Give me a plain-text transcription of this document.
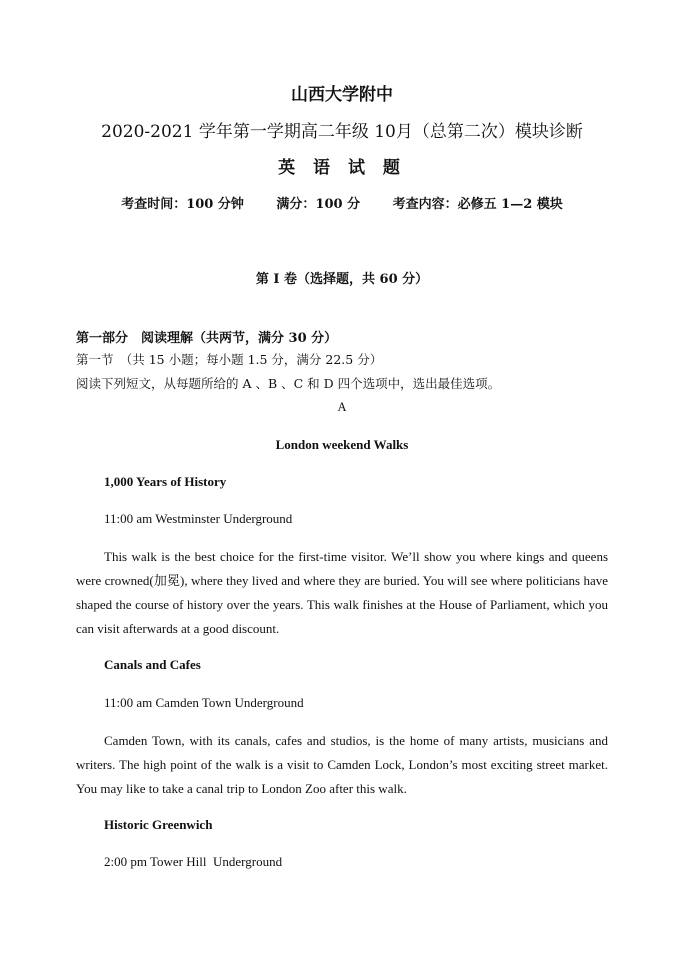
山西大学附中
2020-2021 学年第一学期高二年级 10月（总第二次）模块诊断
英 语 试 题
考查时间：100 分钟	满分：100 分	考查内容：必修五 1—2 模块
第 I 卷（选择题，共 60 分）
第一部分　阅读理解（共两节，满分 30 分）
第一节　（共 15 小题；每小题 1.5 分，满分 22.5 分）
阅读下列短文，从每题所给的 A 、B 、C 和 D 四个选项中，选出最佳选项。
A
London weekend Walks
1,000 Years of History
11:00 am Westminster Underground

This walk is the best choice for the first-time visitor. We’ll show you where kings and queens were crowned(加冕), where they lived and where they are buried. You will see where politicians have shaped the course of history over the years. This walk finishes at the House of Parliament, which you can visit afterwards at a good discount.

Canals and Cafes
11:00 am Camden Town Underground

Camden Town, with its canals, cafes and studios, is the home of many artists, musicians and writers. The high point of the walk is a visit to Camden Lock, London’s most exciting street market. You may like to take a canal trip to London Zoo after this walk.

Historic Greenwich
2:00 pm Tower Hill  Underground
